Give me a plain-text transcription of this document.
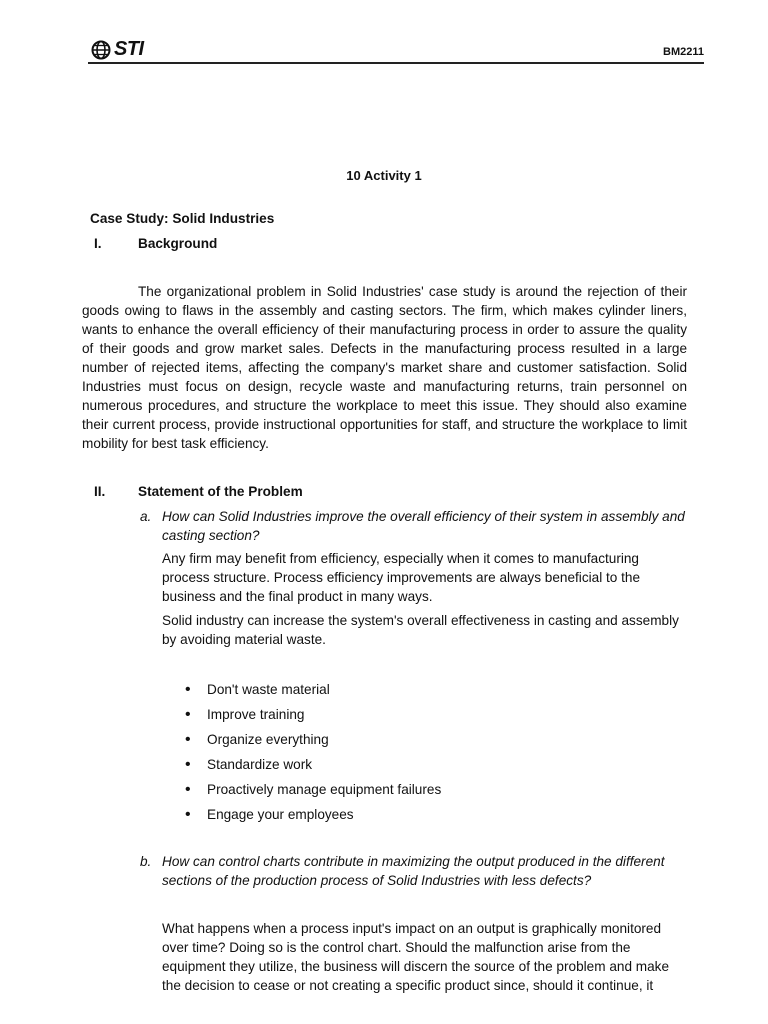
STI	BM2211
10 Activity 1
Case Study: Solid Industries
I.	Background
The organizational problem in Solid Industries' case study is around the rejection of their goods owing to flaws in the assembly and casting sectors. The firm, which makes cylinder liners, wants to enhance the overall efficiency of their manufacturing process in order to assure the quality of their goods and grow market sales. Defects in the manufacturing process resulted in a large number of rejected items, affecting the company's market share and customer satisfaction. Solid Industries must focus on design, recycle waste and manufacturing returns, train personnel on numerous procedures, and structure the workplace to meet this issue. They should also examine their current process, provide instructional opportunities for staff, and structure the workplace to limit mobility for best task efficiency.
II. Statement of the Problem
a. How can Solid Industries improve the overall efficiency of their system in assembly and casting section?
Any firm may benefit from efficiency, especially when it comes to manufacturing process structure. Process efficiency improvements are always beneficial to the business and the final product in many ways.
Solid industry can increase the system's overall effectiveness in casting and assembly by avoiding material waste.
• Don't waste material
• Improve training
• Organize everything
• Standardize work
• Proactively manage equipment failures
• Engage your employees
b. How can control charts contribute in maximizing the output produced in the different sections of the production process of Solid Industries with less defects?
What happens when a process input's impact on an output is graphically monitored over time? Doing so is the control chart. Should the malfunction arise from the equipment they utilize, the business will discern the source of the problem and make the decision to cease or not creating a specific product since, should it continue, it
